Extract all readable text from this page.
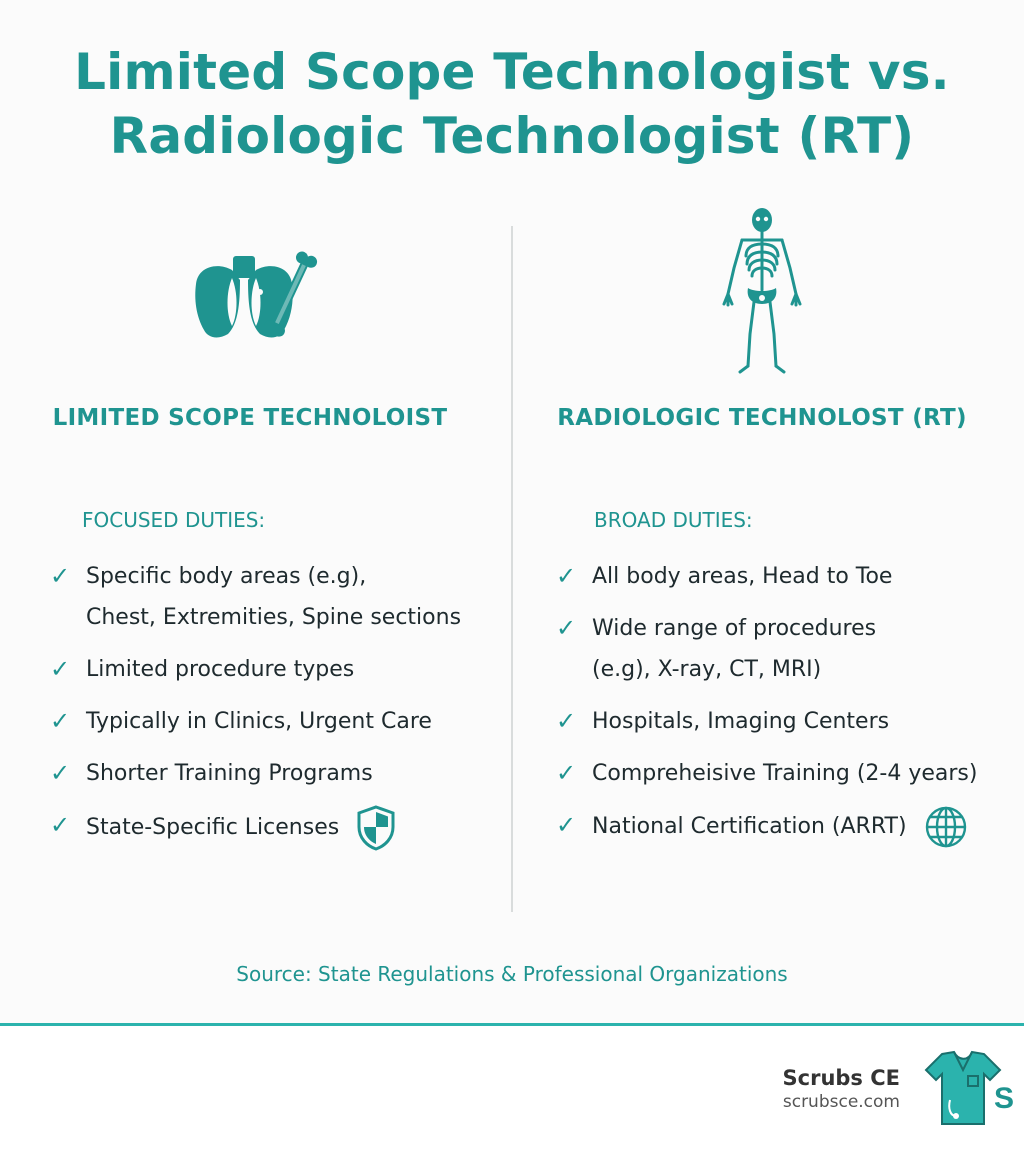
Limited Scope Technologist vs.
Radiologic Technologist (RT)
LIMITED SCOPE TECHNOLOIST

FOCUSED DUTIES:

✓ Specific body areas (e.g),
Chest, Extremities, Spine sections
✓ Limited procedure types
✓ Typically in Clinics, Urgent Care
✓ Shorter Training Programs
✓ State-Specific Licenses
RADIOLOGIC TECHNOLOST (RT)

BROAD DUTIES:

✓ All body areas, Head to Toe
✓ Wide range of procedures
(e.g), X-ray, CT, MRI)
✓ Hospitals, Imaging Centers
✓ Compreheisive Training (2-4 years)
✓ National Certification (ARRT)

Source: State Regulations & Professional Organizations

Scrubs CE
scrubsce.com	S
